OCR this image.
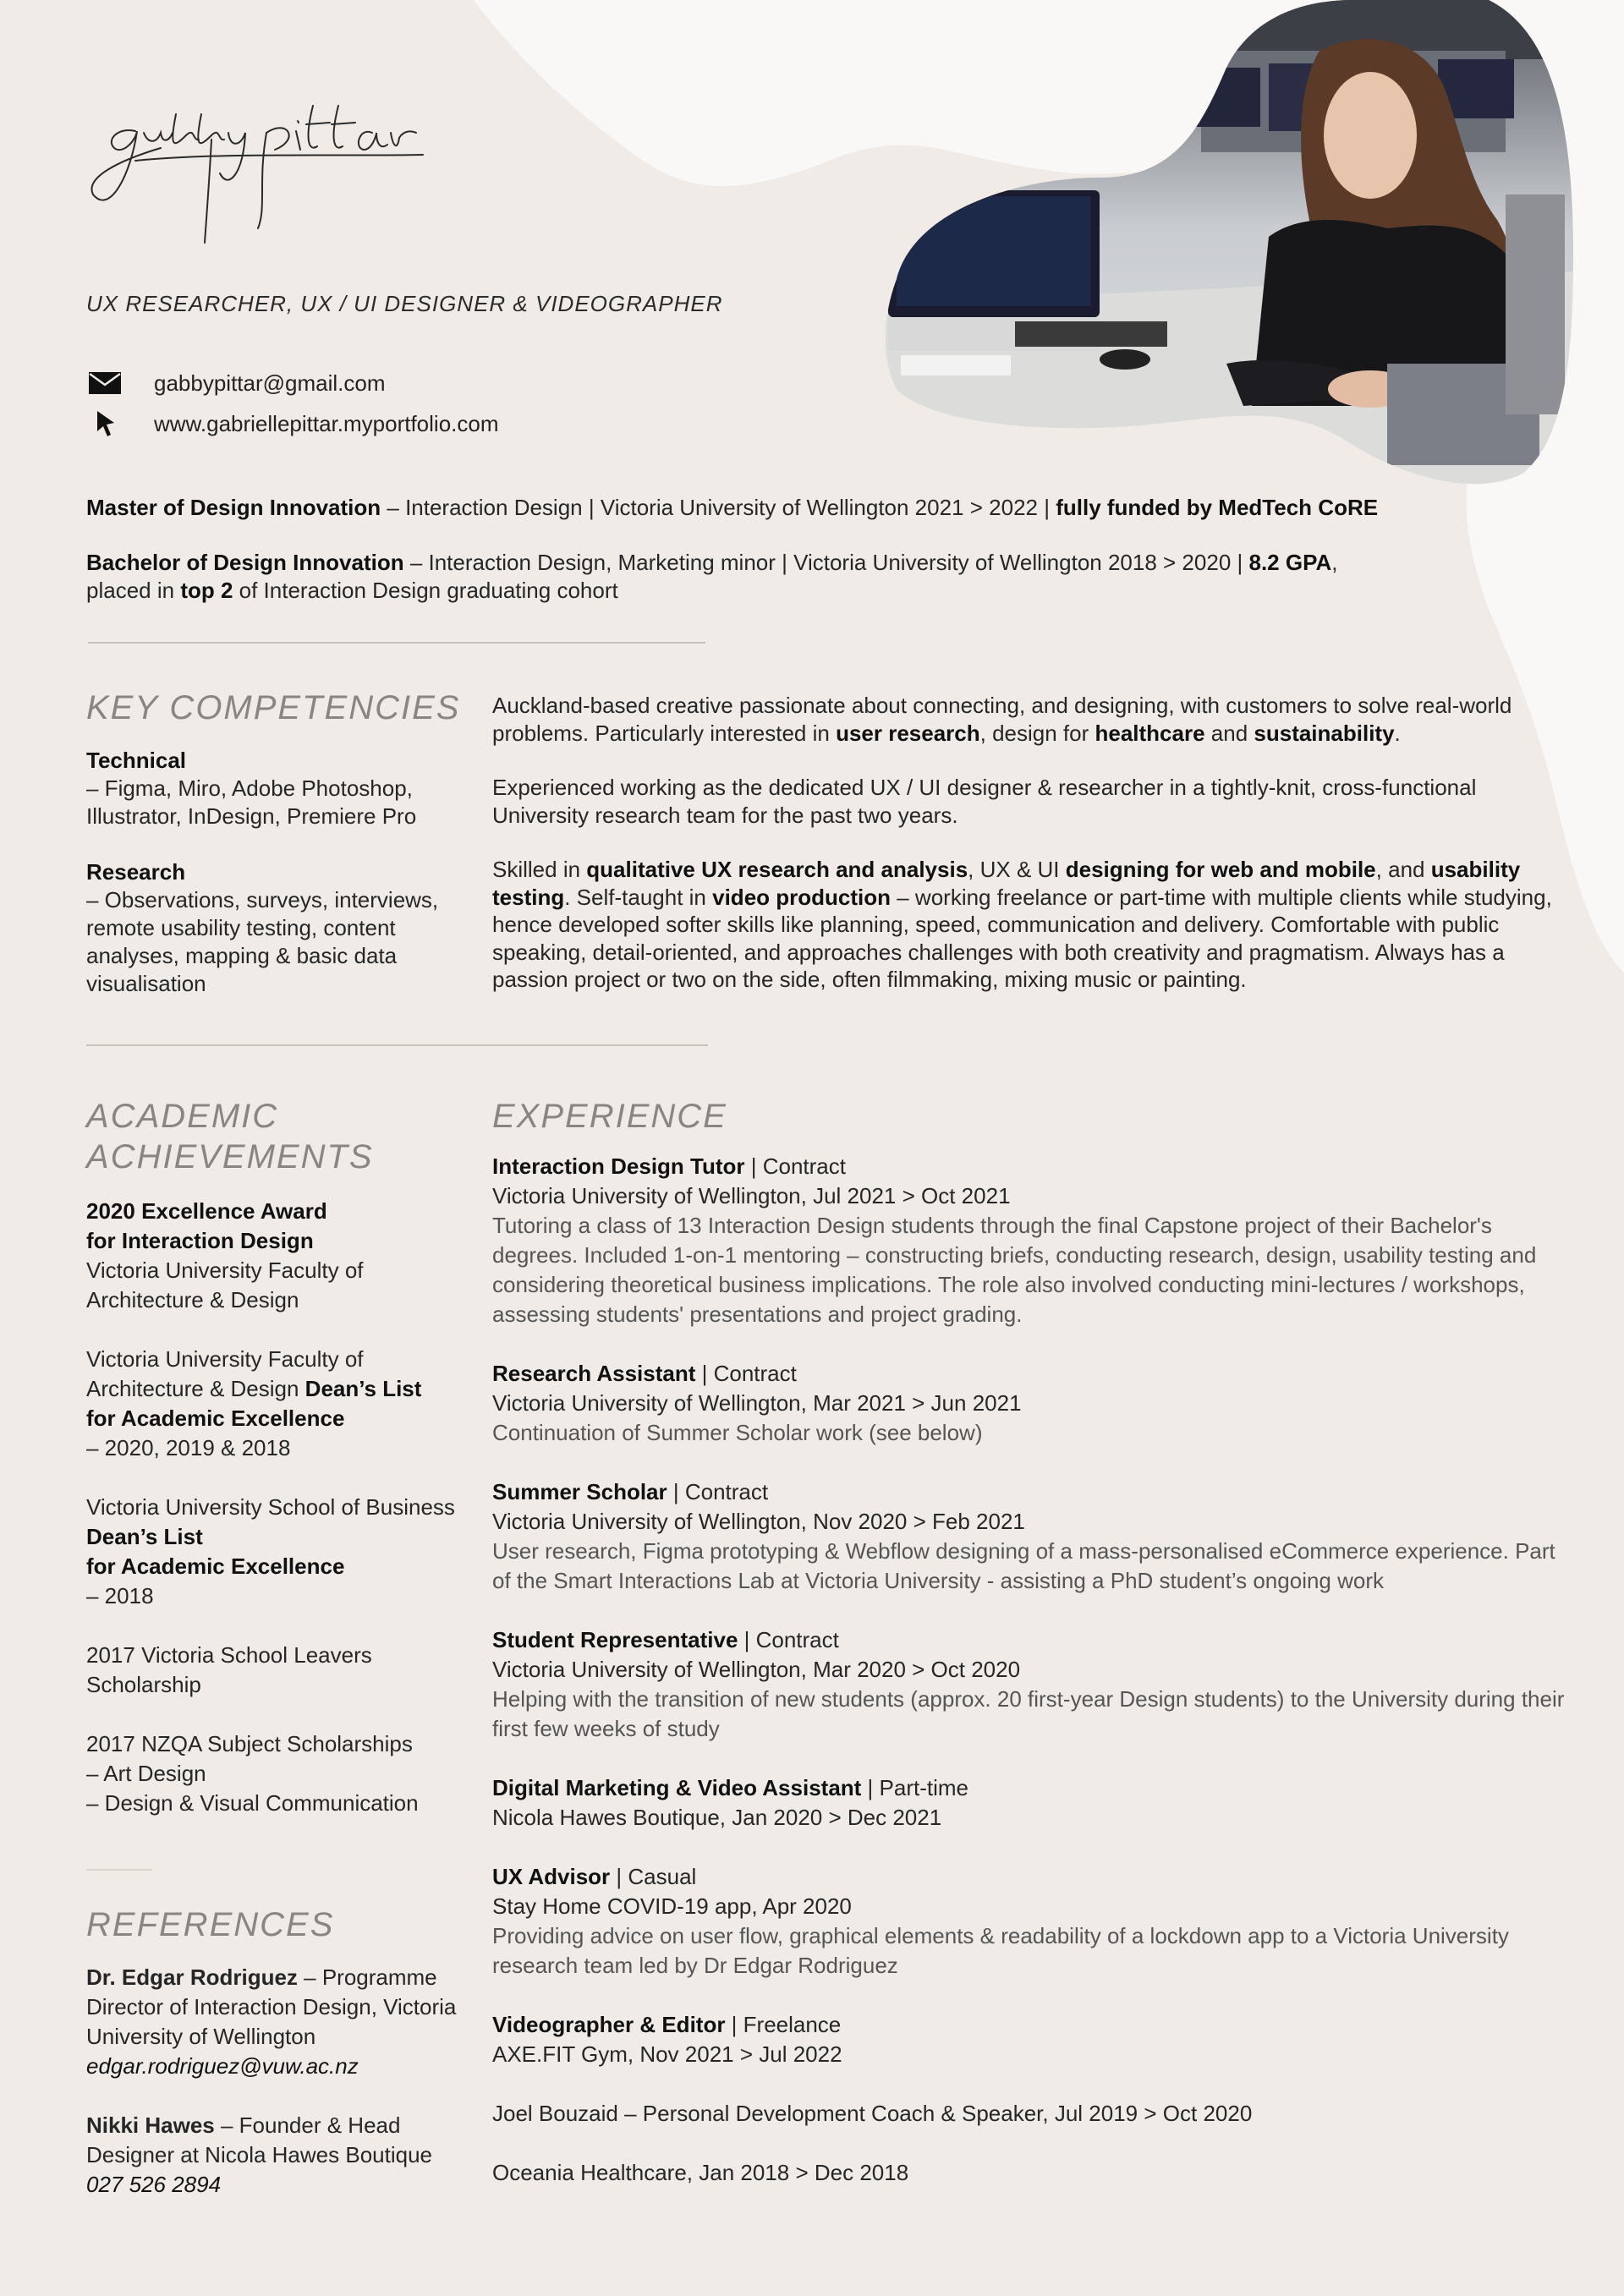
UX RESEARCHER, UX / UI DESIGNER & VIDEOGRAPHER
gabbypittar@gmail.com
www.gabriellepittar.myportfolio.com
Master of Design Innovation – Interaction Design | Victoria University of Wellington 2021 > 2022 | fully funded by MedTech CoRE
Bachelor of Design Innovation – Interaction Design, Marketing minor | Victoria University of Wellington 2018 > 2020 | 8.2 GPA,
placed in top 2 of Interaction Design graduating cohort
KEY COMPETENCIES
Technical
– Figma, Miro, Adobe Photoshop, Illustrator, InDesign, Premiere Pro
Research
– Observations, surveys, interviews, remote usability testing, content analyses, mapping & basic data visualisation

Auckland-based creative passionate about connecting, and designing, with customers to solve real-world problems. Particularly interested in user research, design for healthcare and sustainability.

Experienced working as the dedicated UX / UI designer & researcher in a tightly-knit, cross-functional University research team for the past two years.

Skilled in qualitative UX research and analysis, UX & UI designing for web and mobile, and usability testing. Self-taught in video production – working freelance or part-time with multiple clients while studying, hence developed softer skills like planning, speed, communication and delivery. Comfortable with public speaking, detail-oriented, and approaches challenges with both creativity and pragmatism. Always has a passion project or two on the side, often filmmaking, mixing music or painting.

ACADEMIC
ACHIEVEMENTS
2020 Excellence Award
for Interaction Design
Victoria University Faculty of Architecture & Design
Victoria University Faculty of Architecture & Design Dean’s List
for Academic Excellence
– 2020, 2019 & 2018
Victoria University School of Business Dean’s List
for Academic Excellence
– 2018
2017 Victoria School Leavers Scholarship
2017 NZQA Subject Scholarships
– Art Design
– Design & Visual Communication
REFERENCES
Dr. Edgar Rodriguez – Programme Director of Interaction Design, Victoria University of Wellington
edgar.rodriguez@vuw.ac.nz
Nikki Hawes – Founder & Head Designer at Nicola Hawes Boutique
027 526 2894
EXPERIENCE
Interaction Design Tutor | Contract
Victoria University of Wellington, Jul 2021 > Oct 2021
Tutoring a class of 13 Interaction Design students through the final Capstone project of their Bachelor's degrees. Included 1-on-1 mentoring – constructing briefs, conducting research, design, usability testing and considering theoretical business implications. The role also involved conducting mini-lectures / workshops, assessing students' presentations and project grading.
Research Assistant | Contract
Victoria University of Wellington, Mar 2021 > Jun 2021
Continuation of Summer Scholar work (see below)
Summer Scholar | Contract
Victoria University of Wellington, Nov 2020 > Feb 2021
User research, Figma prototyping & Webflow designing of a mass-personalised eCommerce experience. Part of the Smart Interactions Lab at Victoria University - assisting a PhD student’s ongoing work
Student Representative | Contract
Victoria University of Wellington, Mar 2020 > Oct 2020
Helping with the transition of new students (approx. 20 first-year Design students) to the University during their first few weeks of study
Digital Marketing & Video Assistant | Part-time
Nicola Hawes Boutique, Jan 2020 > Dec 2021
UX Advisor | Casual
Stay Home COVID-19 app, Apr 2020
Providing advice on user flow, graphical elements & readability of a lockdown app to a Victoria University research team led by Dr Edgar Rodriguez
Videographer & Editor | Freelance
AXE.FIT Gym, Nov 2021 > Jul 2022
Joel Bouzaid – Personal Development Coach & Speaker, Jul 2019 > Oct 2020
Oceania Healthcare, Jan 2018 > Dec 2018
